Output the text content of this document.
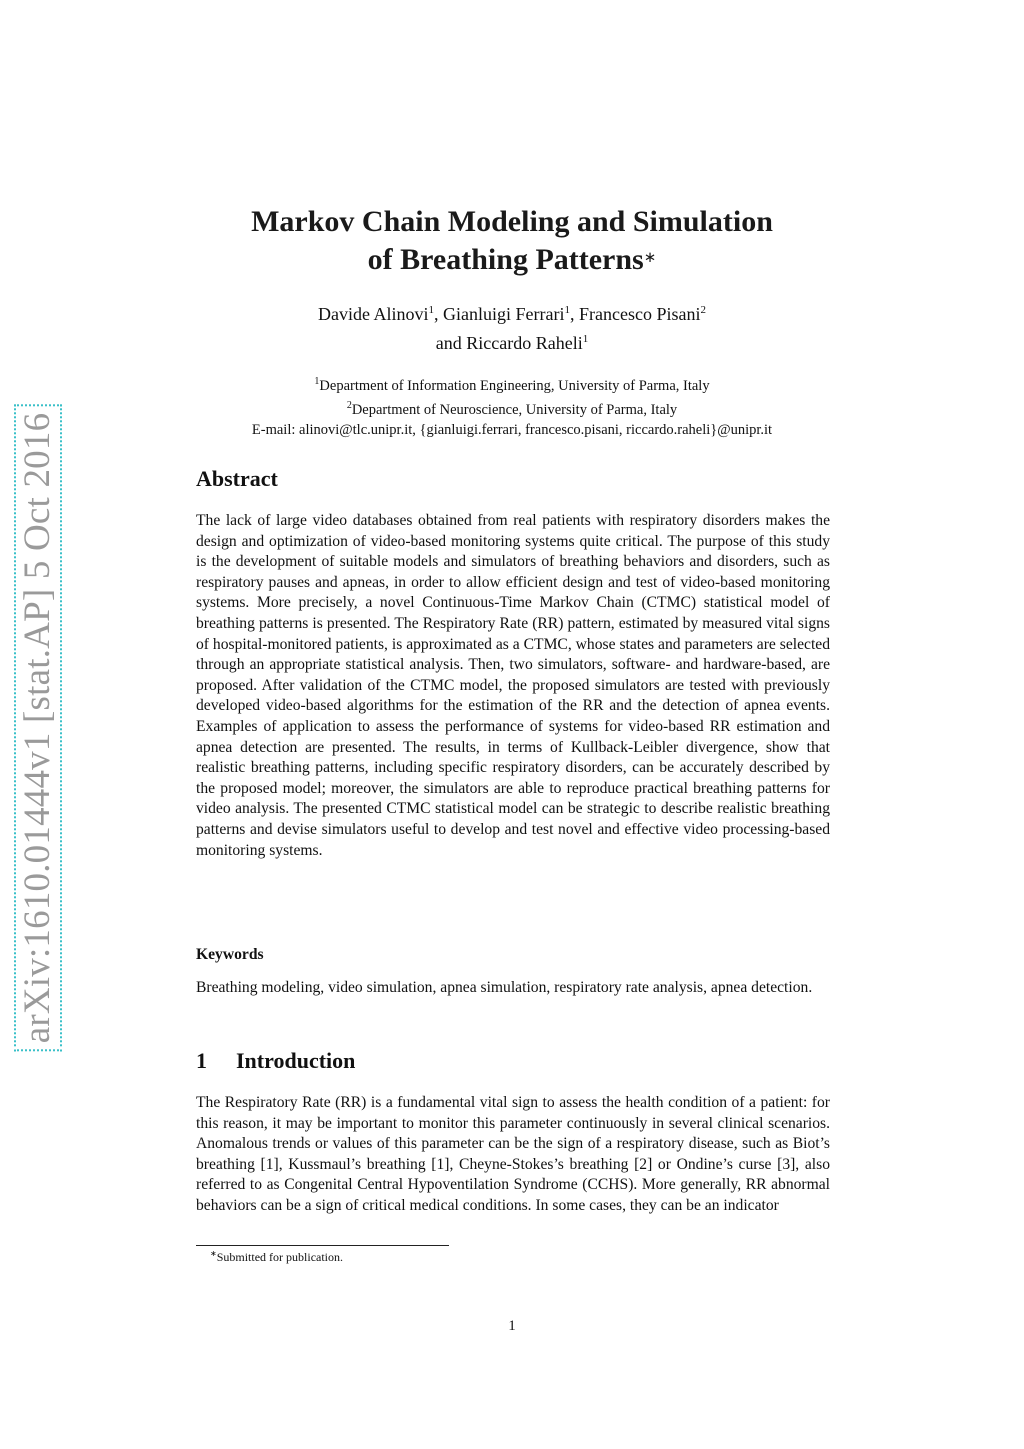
arXiv:1610.01444v1 [stat.AP] 5 Oct 2016
Markov Chain Modeling and Simulation
of Breathing Patterns∗
Davide Alinovi$^1$, Gianluigi Ferrari$^1$, Francesco Pisani$^2$
and Riccardo Raheli$^1$
$^1$Department of Information Engineering, University of Parma, Italy
$^2$Department of Neuroscience, University of Parma, Italy
E-mail: alinovi@tlc.unipr.it, {gianluigi.ferrari, francesco.pisani, riccardo.raheli}@unipr.it
Abstract
The lack of large video databases obtained from real patients with respiratory disorders makes the design and optimization of video-based monitoring systems quite critical. The purpose of this study is the development of suitable models and simulators of breathing behaviors and disorders, such as respiratory pauses and apneas, in order to allow efficient design and test of video-based monitoring systems. More precisely, a novel Continuous-Time Markov Chain (CTMC) statistical model of breathing patterns is presented. The Respiratory Rate (RR) pattern, estimated by measured vital signs of hospital-monitored patients, is approximated as a CTMC, whose states and parameters are selected through an appropriate statistical analysis. Then, two simulators, software- and hardware-based, are proposed. After validation of the CTMC model, the proposed simulators are tested with previously developed video-based algorithms for the estimation of the RR and the detection of apnea events. Examples of application to assess the performance of systems for video-based RR estimation and apnea detection are presented. The results, in terms of Kullback-Leibler divergence, show that realistic breathing patterns, including specific respiratory disorders, can be accurately described by the proposed model; moreover, the simulators are able to reproduce practical breathing patterns for video analysis. The presented CTMC statistical model can be strategic to describe realistic breathing patterns and devise simulators useful to develop and test novel and effective video processing-based monitoring systems.
Keywords
Breathing modeling, video simulation, apnea simulation, respiratory rate analysis, apnea detection.
1 Introduction
The Respiratory Rate (RR) is a fundamental vital sign to assess the health condition of a patient: for this reason, it may be important to monitor this parameter continuously in several clinical scenarios. Anomalous trends or values of this parameter can be the sign of a respiratory disease, such as Biot’s breathing [1], Kussmaul’s breathing [1], Cheyne-Stokes’s breathing [2] or Ondine’s curse [3], also referred to as Congenital Central Hypoventilation Syndrome (CCHS). More generally, RR abnormal behaviors can be a sign of critical medical conditions. In some cases, they can be an indicator
∗Submitted for publication.
1
